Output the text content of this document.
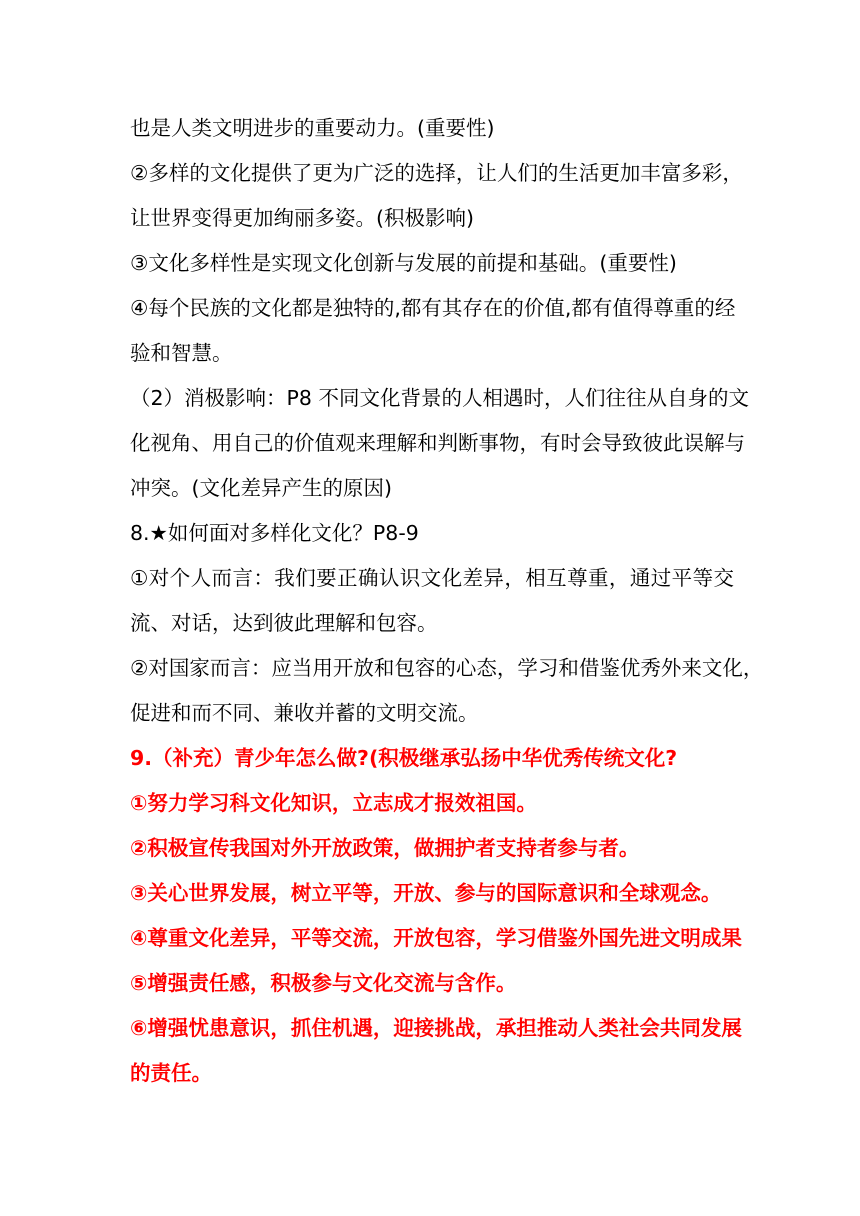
也是人类文明进步的重要动力。(重要性)
②多样的文化提供了更为广泛的选择，让人们的生活更加丰富多彩，
让世界变得更加绚丽多姿。(积极影响)
③文化多样性是实现文化创新与发展的前提和基础。(重要性)
④每个民族的文化都是独特的,都有其存在的价值,都有值得尊重的经
验和智慧。
（2）消极影响：P8 不同文化背景的人相遇时，人们往往从自身的文
化视角、用自己的价值观来理解和判断事物，有时会导致彼此误解与
冲突。(文化差异产生的原因)
8.★如何面对多样化文化？P8-9
①对个人而言：我们要正确认识文化差异，相互尊重，通过平等交
流、对话，达到彼此理解和包容。
②对国家而言：应当用开放和包容的心态，学习和借鉴优秀外来文化，
促进和而不同、兼收并蓄的文明交流。
9.（补充）青少年怎么做?(积极继承弘扬中华优秀传统文化?
①努力学习科文化知识，立志成才报效祖国。
②积极宣传我国对外开放政策，做拥护者支持者参与者。
③关心世界发展，树立平等，开放、参与的国际意识和全球观念。
④尊重文化差异，平等交流，开放包容，学习借鉴外国先进文明成果
⑤增强责任感，积极参与文化交流与含作。
⑥增强忧患意识，抓住机遇，迎接挑战，承担推动人类社会共同发展
的责任。
